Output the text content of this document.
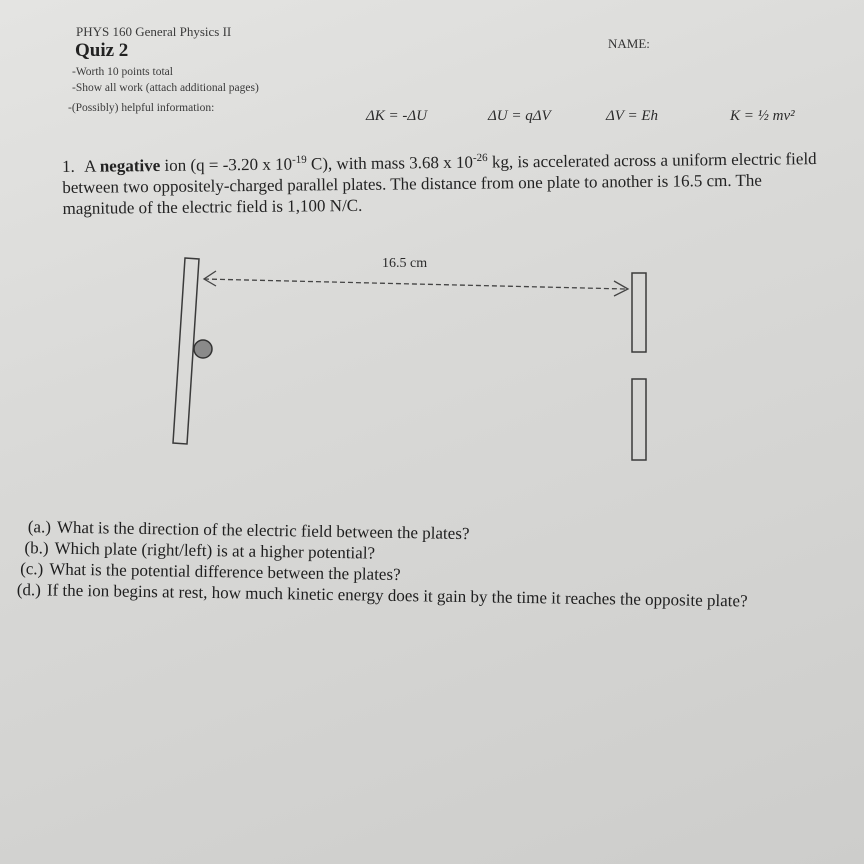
PHYS 160 General Physics II
Quiz 2
-Worth 10 points total
-Show all work (attach additional pages)
-(Possibly) helpful information:
NAME:
ΔK = -ΔU	ΔU = qΔV	ΔV = Eh	K = ½ mv²
1. A negative ion (q = -3.20 x $10^{-19}$ C), with mass 3.68 x $10^{-26}$ kg, is accelerated across a uniform electric field between two oppositely-charged parallel plates. The distance from one plate to another is 16.5 cm. The magnitude of the electric field is 1,100 N/C.
16.5 cm
(a.) What is the direction of the electric field between the plates?
(b.) Which plate (right/left) is at a higher potential?
(c.) What is the potential difference between the plates?
(d.) If the ion begins at rest, how much kinetic energy does it gain by the time it reaches the opposite plate?
